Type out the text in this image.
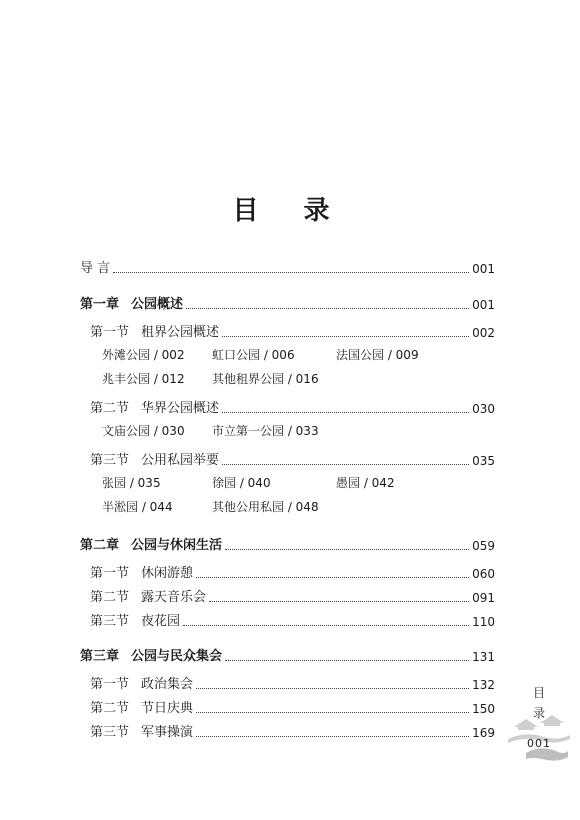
目 录
导 言	001
第一章 公园概述	001
第一节 租界公园概述	002
外滩公园 / 002 虹口公园 / 006	法国公园 / 009
兆丰公园 / 012 其他租界公园 / 016
第二节 华界公园概述	030
文庙公园 / 030 市立第一公园 / 033
第三节 公用私园举要	035
张园 / 035	徐园 / 040	愚园 / 042
半淞园 / 044	其他公用私园 / 048
第二章 公园与休闲生活	059
第一节 休闲游憩	060
第二节 露天音乐会	091
第三节 夜花园	110
第三章 公园与民众集会	131
第一节 政治集会	132
第二节 节日庆典	150
第三节 军事操演	169
目
录
001
